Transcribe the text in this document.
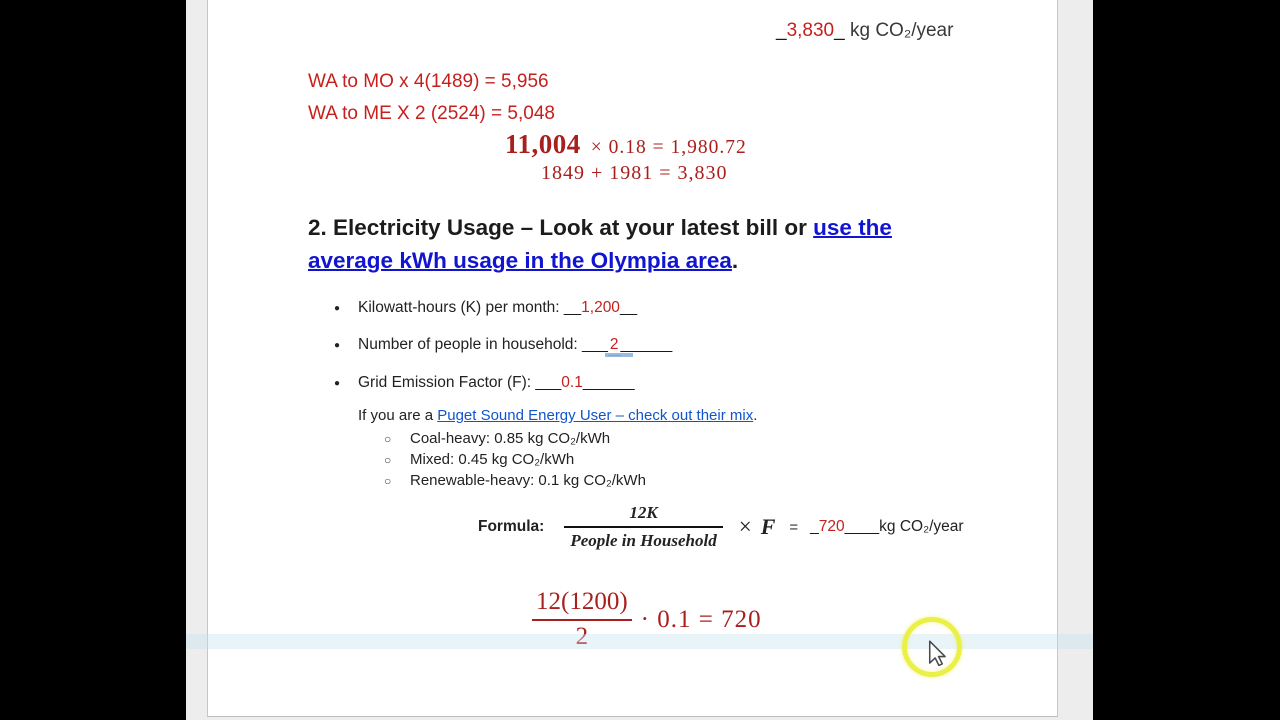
_3,830_ kg CO₂/year
WA to MO x 4(1489) = 5,956
WA to ME X 2 (2524) = 5,048
11,004 × 0.18 = 1,980.72
1849 + 1981 = 3,830
2. Electricity Usage – Look at your latest bill or use the
average kWh usage in the Olympia area.
●
Kilowatt-hours (K) per month: __1,200__
●
Number of people in household: ___ 2 ______
●
Grid Emission Factor (F): ___0.1______
If you are a Puget Sound Energy User – check out their mix.
○
Coal-heavy: 0.85 kg CO₂/kWh
○
Mixed: 0.45 kg CO₂/kWh
○
Renewable-heavy: 0.1 kg CO₂/kWh
Formula: $\frac{12K}{\text{People in Household}} \times F$ = _720____ kg CO₂/year
$\frac{12(1200)}{2} \cdot 0.1 = 720$
